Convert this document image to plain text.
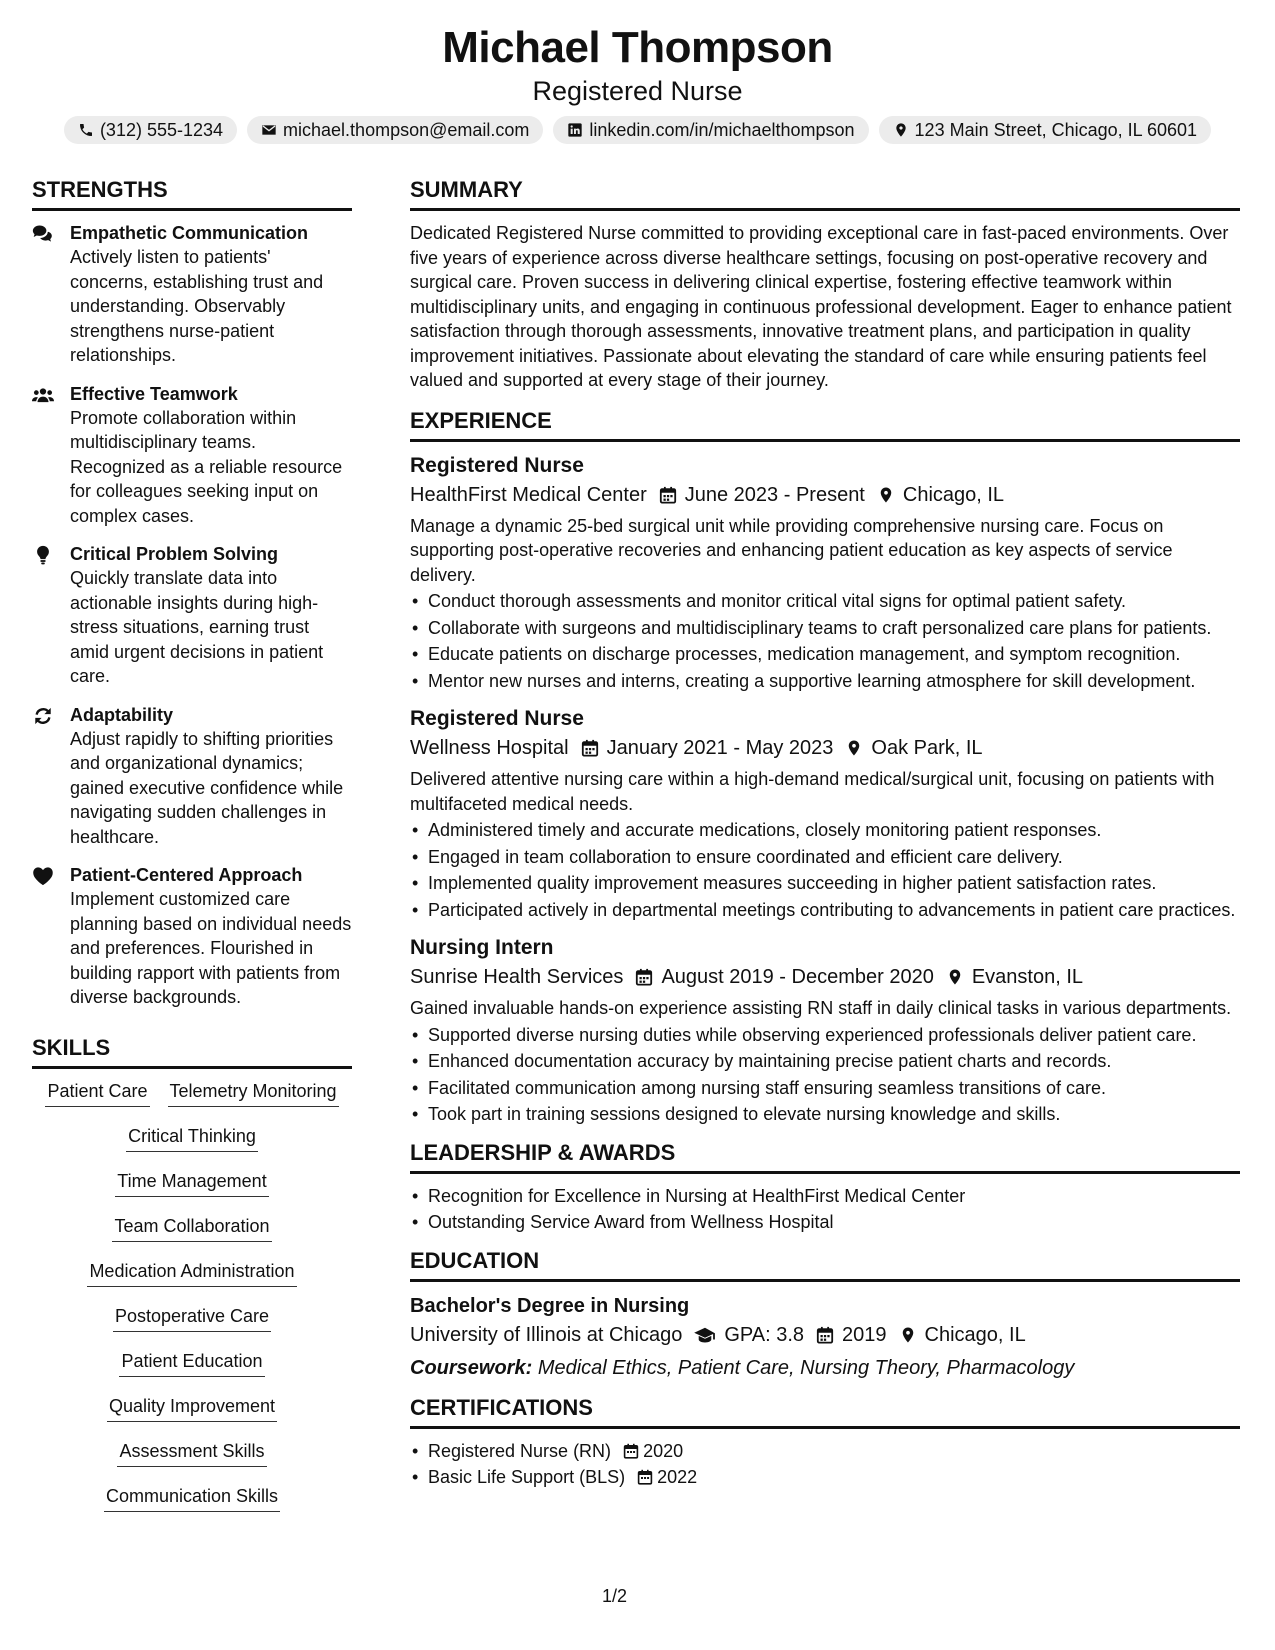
Michael Thompson
Registered Nurse
(312) 555-1234	michael.thompson@email.com	linkedin.com/in/michaelthompson	123 Main Street, Chicago, IL 60601
STRENGTHS
Empathetic Communication

Actively listen to patients' concerns, establishing trust and understanding. Observably strengthens nurse-patient relationships.

Effective Teamwork

Promote collaboration within multidisciplinary teams. Recognized as a reliable resource for colleagues seeking input on complex cases.

Critical Problem Solving

Quickly translate data into actionable insights during high-stress situations, earning trust amid urgent decisions in patient care.

Adaptability

Adjust rapidly to shifting priorities and organizational dynamics; gained executive confidence while navigating sudden challenges in healthcare.

Patient-Centered Approach

Implement customized care planning based on individual needs and preferences. Flourished in building rapport with patients from diverse backgrounds.

SKILLS
Patient Care Telemetry Monitoring
Critical Thinking
Time Management
Team Collaboration
Medication Administration
Postoperative Care
Patient Education
Quality Improvement
Assessment Skills
Communication Skills
SUMMARY

Dedicated Registered Nurse committed to providing exceptional care in fast-paced environments. Over five years of experience across diverse healthcare settings, focusing on post-operative recovery and surgical care. Proven success in delivering clinical expertise, fostering effective teamwork within multidisciplinary units, and engaging in continuous professional development. Eager to enhance patient satisfaction through thorough assessments, innovative treatment plans, and participation in quality improvement initiatives. Passionate about elevating the standard of care while ensuring patients feel valued and supported at every stage of their journey.

EXPERIENCE
Registered Nurse
HealthFirst Medical Center June 2023 - Present Chicago, IL

Manage a dynamic 25-bed surgical unit while providing comprehensive nursing care. Focus on supporting post-operative recoveries and enhancing patient education as key aspects of service delivery.

• Conduct thorough assessments and monitor critical vital signs for optimal patient safety.
• Collaborate with surgeons and multidisciplinary teams to craft personalized care plans for patients.
• Educate patients on discharge processes, medication management, and symptom recognition.
• Mentor new nurses and interns, creating a supportive learning atmosphere for skill development.
Registered Nurse
Wellness Hospital January 2021 - May 2023 Oak Park, IL

Delivered attentive nursing care within a high-demand medical/surgical unit, focusing on patients with multifaceted medical needs.

• Administered timely and accurate medications, closely monitoring patient responses.
• Engaged in team collaboration to ensure coordinated and efficient care delivery.
• Implemented quality improvement measures succeeding in higher patient satisfaction rates.
• Participated actively in departmental meetings contributing to advancements in patient care practices.
Nursing Intern
Sunrise Health Services August 2019 - December 2020 Evanston, IL

Gained invaluable hands-on experience assisting RN staff in daily clinical tasks in various departments.

• Supported diverse nursing duties while observing experienced professionals deliver patient care.
• Enhanced documentation accuracy by maintaining precise patient charts and records.
• Facilitated communication among nursing staff ensuring seamless transitions of care.
• Took part in training sessions designed to elevate nursing knowledge and skills.
LEADERSHIP & AWARDS
• Recognition for Excellence in Nursing at HealthFirst Medical Center
• Outstanding Service Award from Wellness Hospital
EDUCATION
Bachelor's Degree in Nursing
University of Illinois at Chicago GPA: 3.8 2019 Chicago, IL
Coursework: Medical Ethics, Patient Care, Nursing Theory, Pharmacology
CERTIFICATIONS
• Registered Nurse (RN) 2020
• Basic Life Support (BLS) 2022
1/2
